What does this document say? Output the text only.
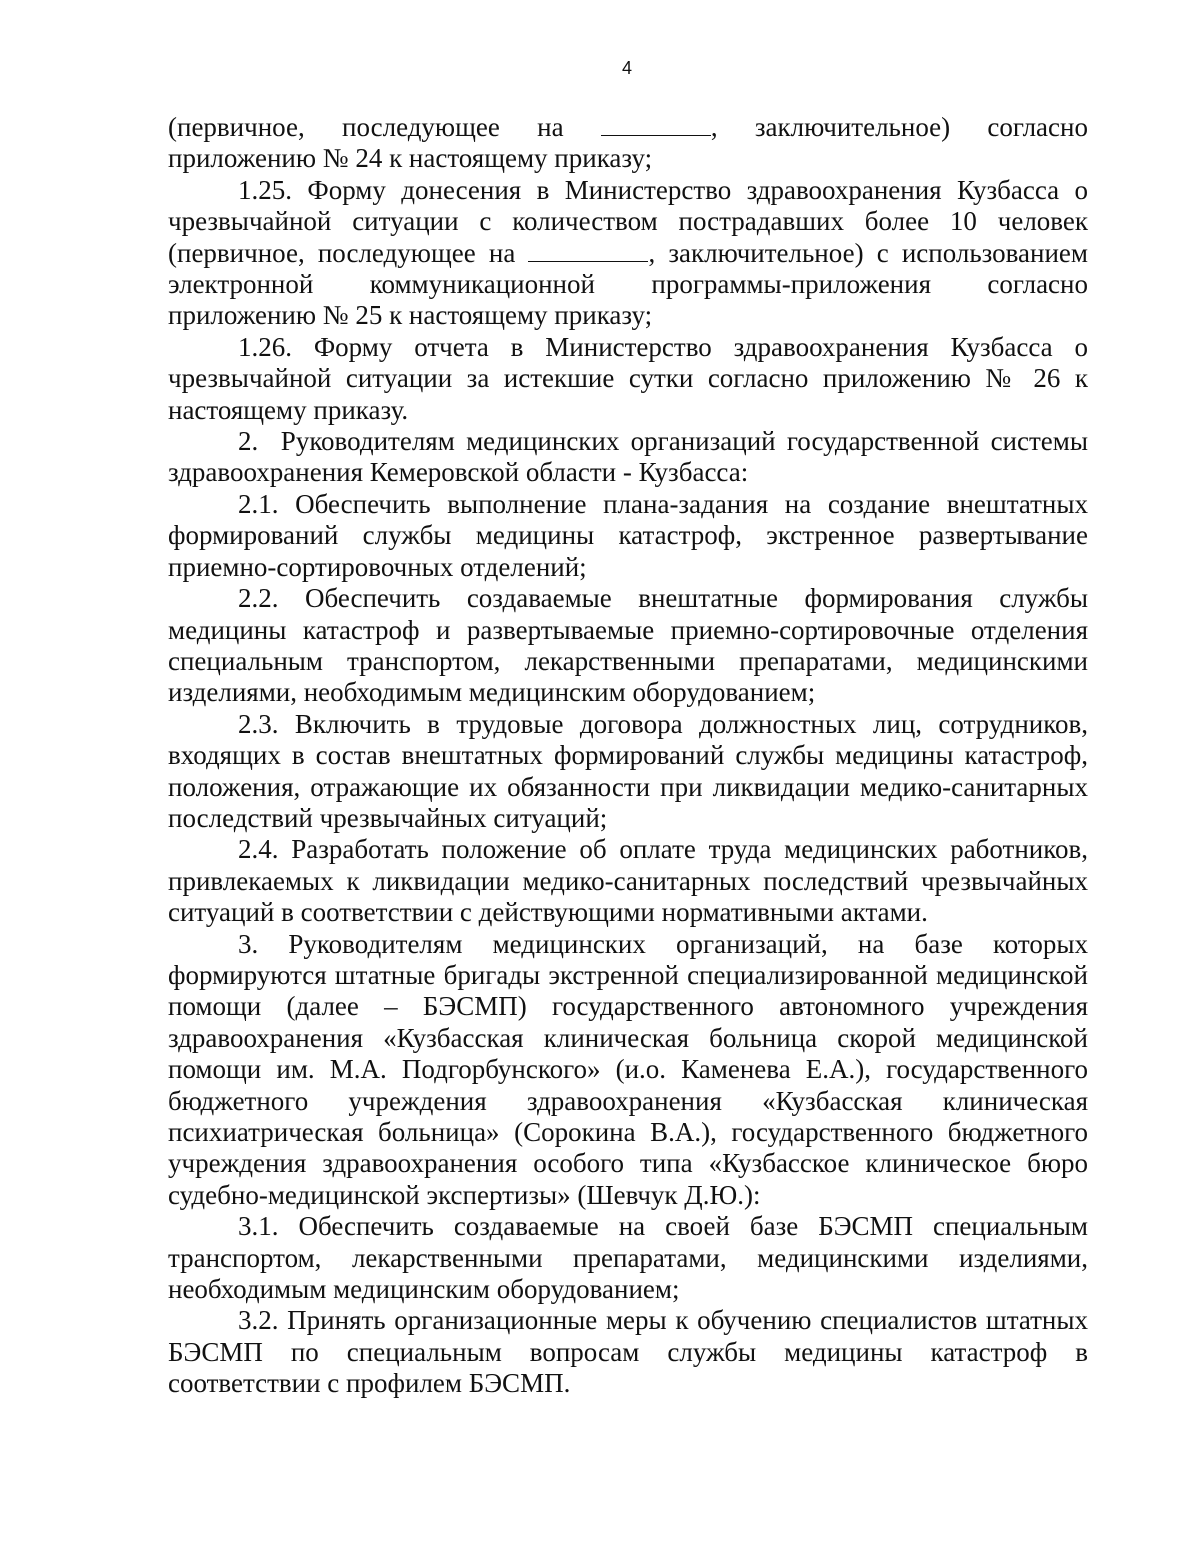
4

(первичное, последующее на	, заключительное) согласно приложению № 24 к настоящему приказу;

1.25. Форму донесения в Министерство здравоохранения Кузбасса о чрезвычайной ситуации с количеством пострадавших более 10 человек (первичное, последующее на	, заключительное) с использованием электронной коммуникационной программы-приложения согласно приложению № 25 к настоящему приказу;

1.26. Форму отчета в Министерство здравоохранения Кузбасса о чрезвычайной ситуации за истекшие сутки согласно приложению № 26 к настоящему приказу.

2.  Руководителям медицинских организаций государственной системы здравоохранения Кемеровской области - Кузбасса:

2.1. Обеспечить выполнение плана-задания на создание внештатных формирований службы медицины катастроф, экстренное развертывание приемно-сортировочных отделений;

2.2. Обеспечить создаваемые внештатные формирования службы медицины катастроф и развертываемые приемно-сортировочные отделения специальным транспортом, лекарственными препаратами, медицинскими изделиями, необходимым медицинским оборудованием;

2.3. Включить в трудовые договора должностных лиц, сотрудников, входящих в состав внештатных формирований службы медицины катастроф, положения, отражающие их обязанности при ликвидации медико-санитарных последствий чрезвычайных ситуаций;

2.4. Разработать положение об оплате труда медицинских работников, привлекаемых к ликвидации медико-санитарных последствий чрезвычайных ситуаций в соответствии с действующими нормативными актами.

3. Руководителям медицинских организаций, на базе которых формируются штатные бригады экстренной специализированной медицинской помощи (далее – БЭСМП) государственного автономного учреждения здравоохранения «Кузбасская клиническая больница скорой медицинской помощи им. М.А. Подгорбунского» (и.о. Каменева Е.А.), государственного бюджетного учреждения здравоохранения «Кузбасская клиническая психиатрическая больница» (Сорокина В.А.), государственного бюджетного учреждения здравоохранения особого типа «Кузбасское клиническое бюро судебно-медицинской экспертизы» (Шевчук Д.Ю.):

3.1. Обеспечить создаваемые на своей базе БЭСМП специальным транспортом, лекарственными препаратами, медицинскими изделиями, необходимым медицинским оборудованием;

3.2. Принять организационные меры к обучению специалистов штатных БЭСМП по специальным вопросам службы медицины катастроф в соответствии с профилем БЭСМП.
